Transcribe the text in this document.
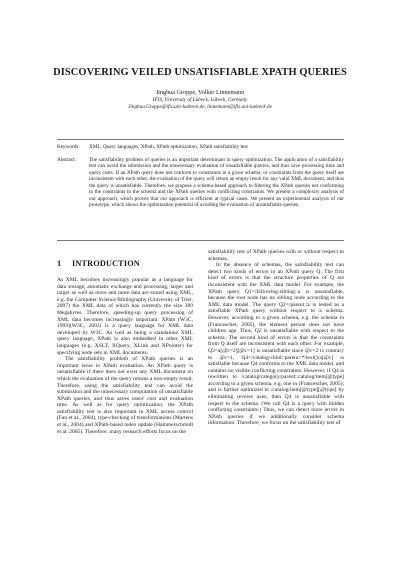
DISCOVERING VEILED UNSATISFIABLE XPATH QUERIES
Jinghua Groppe, Volker Linnemann
IFIS, University of Lübeck, Lübeck, Germany
Jinghua.Groppe@ifis.uni-luebeck.de, linnemann@ifis.uni-luebeck.de
Keywords:	XML, Query languages, XPath, XPath optimization, XPath satisfiability test
Abstract:	The satisfiability problem of queries is an important determinant in query optimization. The application of a satisfiability test can avoid the submission and the unnecessary evaluation of unsatisfiable queries, and thus save processing time and query costs. If an XPath query does not conform to constraints in a given schema, or constraints from the query itself are inconsistent with each other, the evaluation of the query will return an empty result for any valid XML document, and thus the query is unsatisfiable. Therefore, we propose a schema-based approach to filtering the XPath queries not conforming to the constraints in the schema and the XPath queries with conflicting constraints. We present a complexity analysis of our approach, which proves that our approach is efficient at typical cases. We present an experimental analysis of our prototype, which shows the optimization potential of avoiding the evaluation of unsatisfiable queries.
1 INTRODUCTION

As XML becomes increasingly popular as a language for data storage, automatic exchange and processing, larger and larger as well as more and more data are stored using XML, e.g. the Computer Science Bibliography (University of Trier, 2007) the XML data of which has currently the size 389 Megabytes. Therefore, speeding-up query processing of XML data becomes increasingly important. XPath (W3C, 1999)(W3C, 2003) is a query language for XML data developed by W3C. As well as being a standalone XML query language, XPath is also embedded in other XML languages (e.g. XSLT, XQuery, XLink and XPointer) for specifying node sets in XML documents.

The satisfiability problem of XPath queries is an important issue in XPath evaluation. An XPath query is unsatisfiable if there does not exist any XML document on which the evaluation of the query returns a non-empty result. Therefore, using the satisfiability test can avoid the submission and the unnecessary computation of unsatisfiable XPath queries, and thus saves users' cost and evaluation time. As well as for query optimization, the XPath satisfiability test is also important in XML access control (Fan et al., 2004), type-checking of transformations (Martens et al., 2004) and XPath-based index update (Hammerschmidt et al. 2005). Therefore, many research efforts focus on the

satisfiability test of XPath queries with or without respect to schemas.

In the absence of schemas, the satisfiability test can detect two kinds of errors in an XPath query Q. The first kind of errors is that the structure properties of Q are inconsistent with the XML data model. For example, the XPath query Q1=/following-sibling::a is unsatisfiable, because the root node has no sibling node according to the XML data model. The query Q2=/parent::a is tested as a satisfiable XPath query without respect to a schema. However, according to a given schema, e.g. the schema in (Franceschet, 2005), the element person does not have children age. Thus, Q2 is unsatisfiable with respect to the schema. The second kind of errors is that the constraints from Q itself are inconsistent with each other. For example, Q3=a[@c=2][@c=1] is unsatisfiable since @c=2 is contrary to @c=1, Q4=/catalog/child::parent::*/text()/a[@c] is satisfiable because Q4 conforms to the XML data model, and contains no visible conflicting constraints. However, if Q4 is rewritten to /catalog/category/parent::catalog/item[@type] according to a given schema, e.g. one in (Franceschet, 2005), and is further optimized to /catalog/item[@type][@type] by eliminating reverse axes, then Q4 is unsatisfiable with respect to the schema. (We call Q4 is a query with hidden conflicting constraints.) Thus, we can detect more errors in XPath queries if we additionally consider schema information. Therefore, we focus on the satisfiability test of
